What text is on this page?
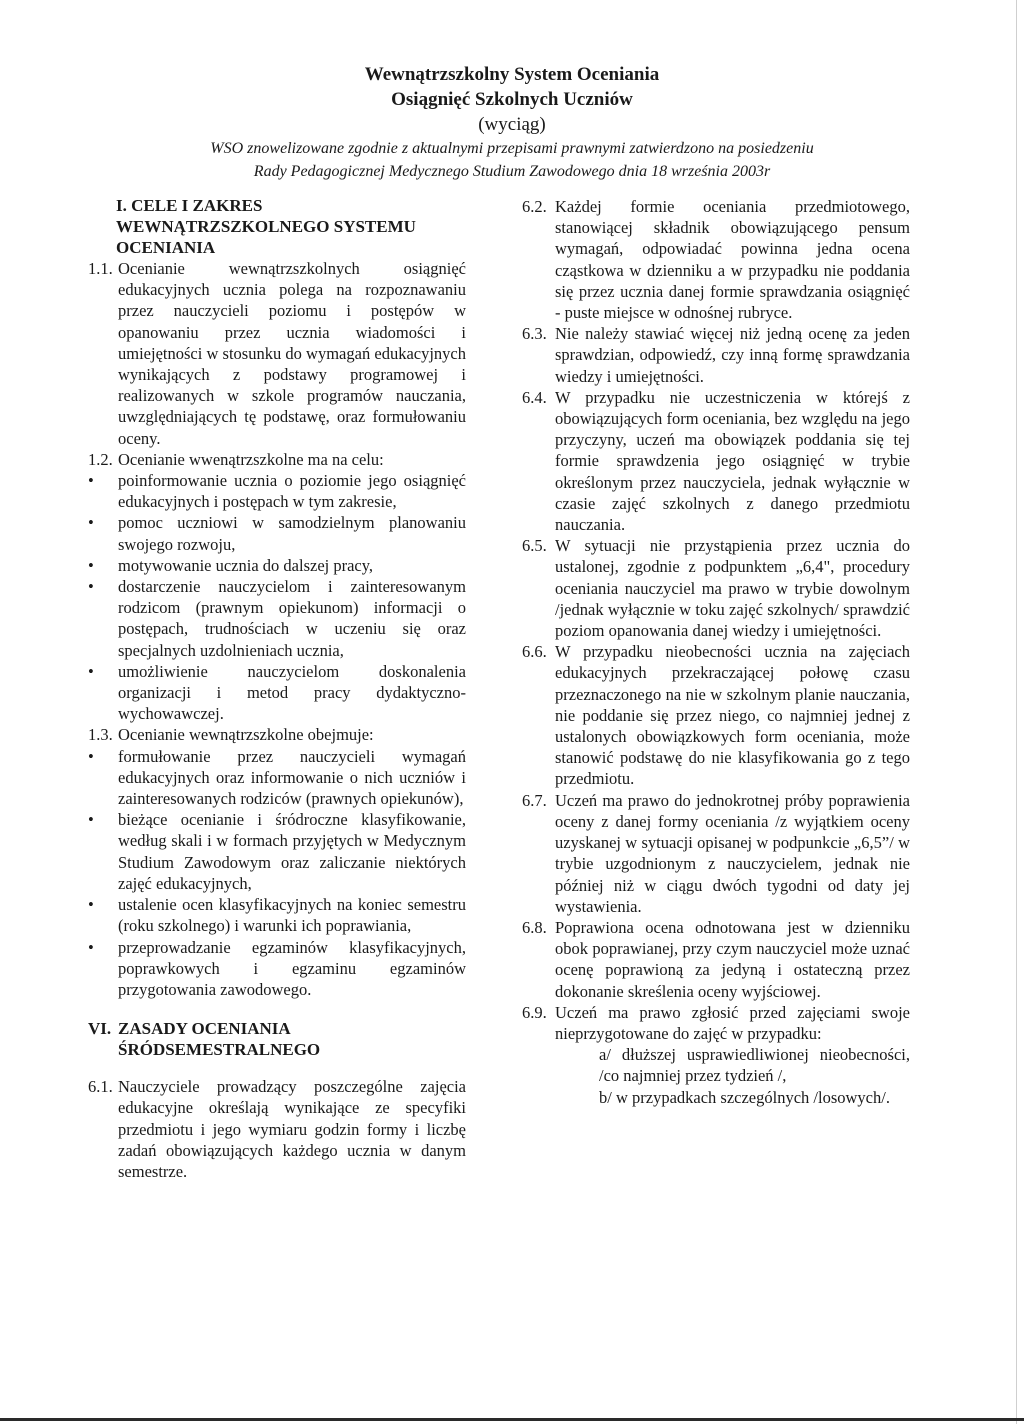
Wewnątrzszkolny System Oceniania
Osiągnięć Szkolnych Uczniów
(wyciąg)
WSO znowelizowane zgodnie z aktualnymi przepisami prawnymi zatwierdzono na posiedzeniu
Rady Pedagogicznej Medycznego Studium Zawodowego dnia 18 września 2003r
I. CELE I ZAKRES WEWNĄTRZSZKOLNEGO SYSTEMU OCENIANIA
1.1. Ocenianie wewnątrzszkolnych osiągnięć edukacyjnych ucznia polega na rozpoznawaniu przez nauczycieli poziomu i postępów w opanowaniu przez ucznia wiadomości i umiejętności w stosunku do wymagań edukacyjnych wynikających z podstawy programowej i realizowanych w szkole programów nauczania, uwzględniających tę podstawę, oraz formułowaniu oceny.
1.2. Ocenianie wwenątrzszkolne ma na celu:
•	poinformowanie ucznia o poziomie jego osiągnięć edukacyjnych i postępach w tym zakresie,
•	pomoc uczniowi w samodzielnym planowaniu swojego rozwoju,
•	motywowanie ucznia do dalszej pracy,
•	dostarczenie nauczycielom i zainteresowanym rodzicom (prawnym opiekunom) informacji o postępach, trudnościach w uczeniu się oraz specjalnych uzdolnieniach ucznia,
•	umożliwienie nauczycielom doskonalenia organizacji i metod pracy dydaktyczno-wychowawczej.
1.3. Ocenianie wewnątrzszkolne obejmuje:
•	formułowanie przez nauczycieli wymagań edukacyjnych oraz informowanie o nich uczniów i zainteresowanych rodziców (prawnych opiekunów),
•	bieżące ocenianie i śródroczne klasyfikowanie, według skali i w formach przyjętych w Medycznym Studium Zawodowym oraz zaliczanie niektórych zajęć edukacyjnych,
•	ustalenie ocen klasyfikacyjnych na koniec semestru (roku szkolnego) i warunki ich poprawiania,
•	przeprowadzanie egzaminów klasyfikacyjnych, poprawkowych i egzaminu egzaminów przygotowania zawodowego.
VI. ZASADY OCENIANIA ŚRÓDSEMESTRALNEGO
6.1. Nauczyciele prowadzący poszczególne zajęcia edukacyjne określają wynikające ze specyfiki przedmiotu i jego wymiaru godzin formy i liczbę zadań obowiązujących każdego ucznia w danym semestrze.
6.2. Każdej formie oceniania przedmiotowego, stanowiącej składnik obowiązującego pensum wymagań, odpowiadać powinna jedna ocena cząstkowa w dzienniku a w przypadku nie poddania się przez ucznia danej formie sprawdzania osiągnięć - puste miejsce w odnośnej rubryce.
6.3. Nie należy stawiać więcej niż jedną ocenę za jeden sprawdzian, odpowiedź, czy inną formę sprawdzania wiedzy i umiejętności.
6.4. W przypadku nie uczestniczenia w którejś z obowiązujących form oceniania, bez względu na jego przyczyny, uczeń ma obowiązek poddania się tej formie sprawdzenia jego osiągnięć w trybie określonym przez nauczyciela, jednak wyłącznie w czasie zajęć szkolnych z danego przedmiotu nauczania.
6.5. W sytuacji nie przystąpienia przez ucznia do ustalonej, zgodnie z podpunktem „6,4", procedury oceniania nauczyciel ma prawo w trybie dowolnym /jednak wyłącznie w toku zajęć szkolnych/ sprawdzić poziom opanowania danej wiedzy i umiejętności.
6.6. W przypadku nieobecności ucznia na zajęciach edukacyjnych przekraczającej połowę czasu przeznaczonego na nie w szkolnym planie nauczania, nie poddanie się przez niego, co najmniej jednej z ustalonych obowiązkowych form oceniania, może stanowić podstawę do nie klasyfikowania go z tego przedmiotu.
6.7. Uczeń ma prawo do jednokrotnej próby poprawienia oceny z danej formy oceniania /z wyjątkiem oceny uzyskanej w sytuacji opisanej w podpunkcie „6,5”/ w trybie uzgodnionym z nauczycielem, jednak nie później niż w ciągu dwóch tygodni od daty jej wystawienia.
6.8. Poprawiona ocena odnotowana jest w dzienniku obok poprawianej, przy czym nauczyciel może uznać ocenę poprawioną za jedyną i ostateczną przez dokonanie skreślenia oceny wyjściowej.
6.9. Uczeń ma prawo zgłosić przed zajęciami swoje nieprzygotowane do zajęć w przypadku:
a/ dłuższej usprawiedliwionej nieobecności, /co najmniej przez tydzień /,
b/ w przypadkach szczególnych /losowych/.
